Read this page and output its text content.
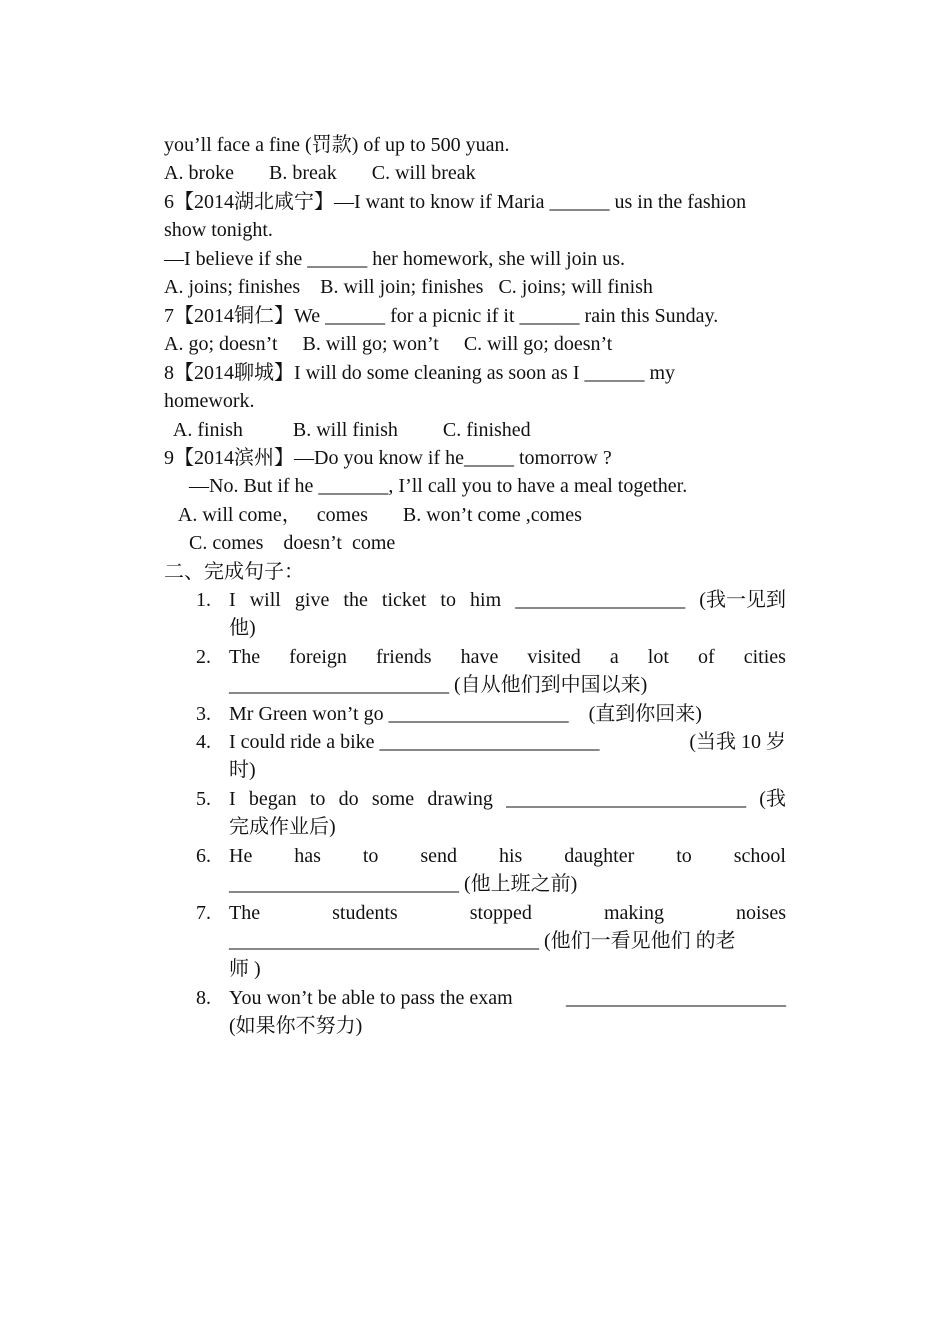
you’ll face a fine (罚款) of up to 500 yuan.
A. broke       B. break       C. will break
6【2014湖北咸宁】—I want to know if Maria ______ us in the fashion
show tonight.
—I believe if she ______ her homework, she will join us.
A. joins; finishes    B. will join; finishes   C. joins; will finish
7【2014铜仁】We ______ for a picnic if it ______ rain this Sunday.
A. go; doesn’t     B. will go; won’t     C. will go; doesn’t
8【2014聊城】I will do some cleaning as soon as I ______ my
homework.
A. finish          B. will finish         C. finished
9【2014滨州】—Do you know if he_____ tomorrow ?
—No. But if he _______, I’ll call you to have a meal together.
A. will come，   comes       B. won’t come ,comes
C. comes    doesn’t  come
二、完成句子：
1. I will give the ticket to him _________________ (我一见到
他)
2. The foreign friends have visited a lot of cities
______________________ (自从他们到中国以来)
3. Mr Green won’t go __________________    (直到你回来)
4. I could ride a bike ______________________	(当我 10 岁
时)
5. I began to do some drawing ________________________ (我
完成作业后)
6. He has to send his daughter to school
_______________________ (他上班之前)
7. The	students	stopped	making	noises
_______________________________ (他们一看见他们 的老
师 )
8. You won’t be able to pass the exam	______________________
(如果你不努力)
